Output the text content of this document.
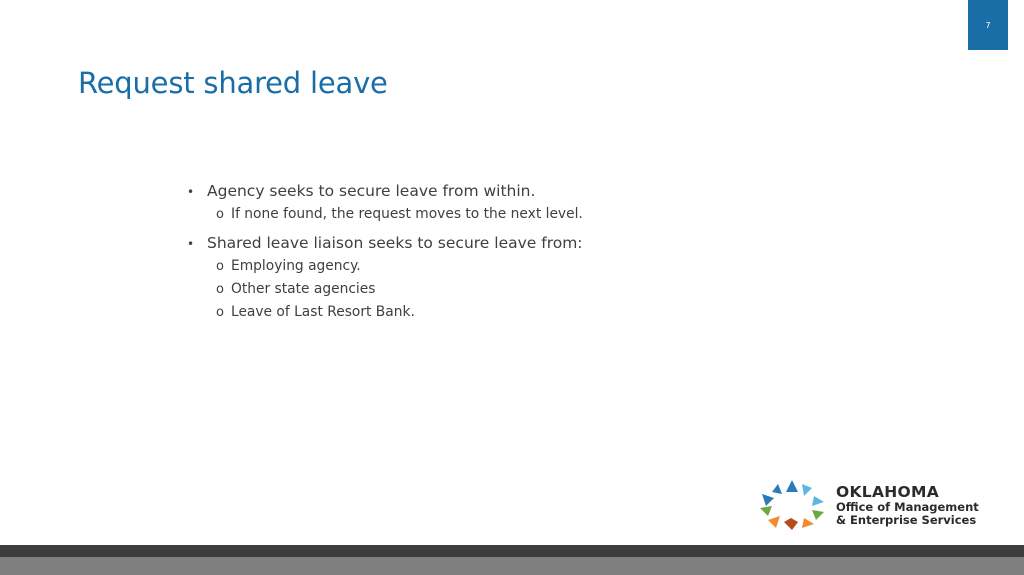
7
Request shared leave
• Agency seeks to secure leave from within.
o If none found, the request moves to the next level.
• Shared leave liaison seeks to secure leave from:
o Employing agency.
o Other state agencies
o Leave of Last Resort Bank.
OKLAHOMA
Office of Management
& Enterprise Services
